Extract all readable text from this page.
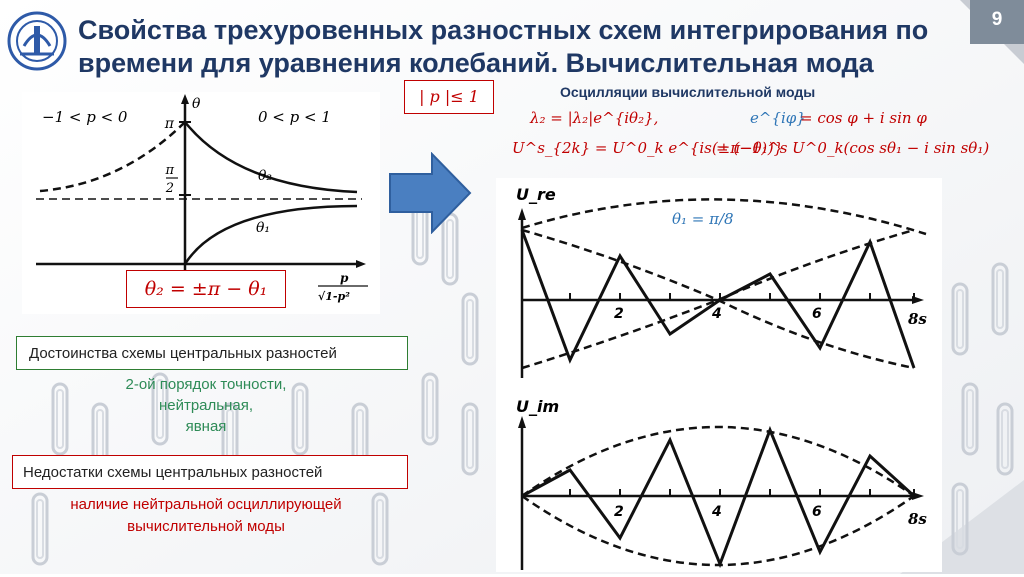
Свойства трехуровенных разностных схем интегрирования по
времени для уравнения колебаний. Вычислительная мода
9
π
π
2
θ
θ₂
θ₁
−1 < p < 0	0 < p < 1
p
√1-p²
θ₂ = ±π − θ₁
| p |≤ 1	Осцилляции вычислительной моды
λ₂ = |λ₂|e^{iθ₂},	e^{iφ}
= cos φ + i sin φ
U^s_{2k} = U^0_k e^{is(±π−θ₁)}
= (−1)^s U^0_k(cos sθ₁ − i sin sθ₁)
U_re
θ₁ = π/8
2	4	6	8s
U_im
2	4	6	8s
Достоинства схемы центральных разностей
2-ой порядок точности,
нейтральная,
явная
Недостатки схемы центральных разностей
наличие нейтральной осциллирующей
вычислительной моды
